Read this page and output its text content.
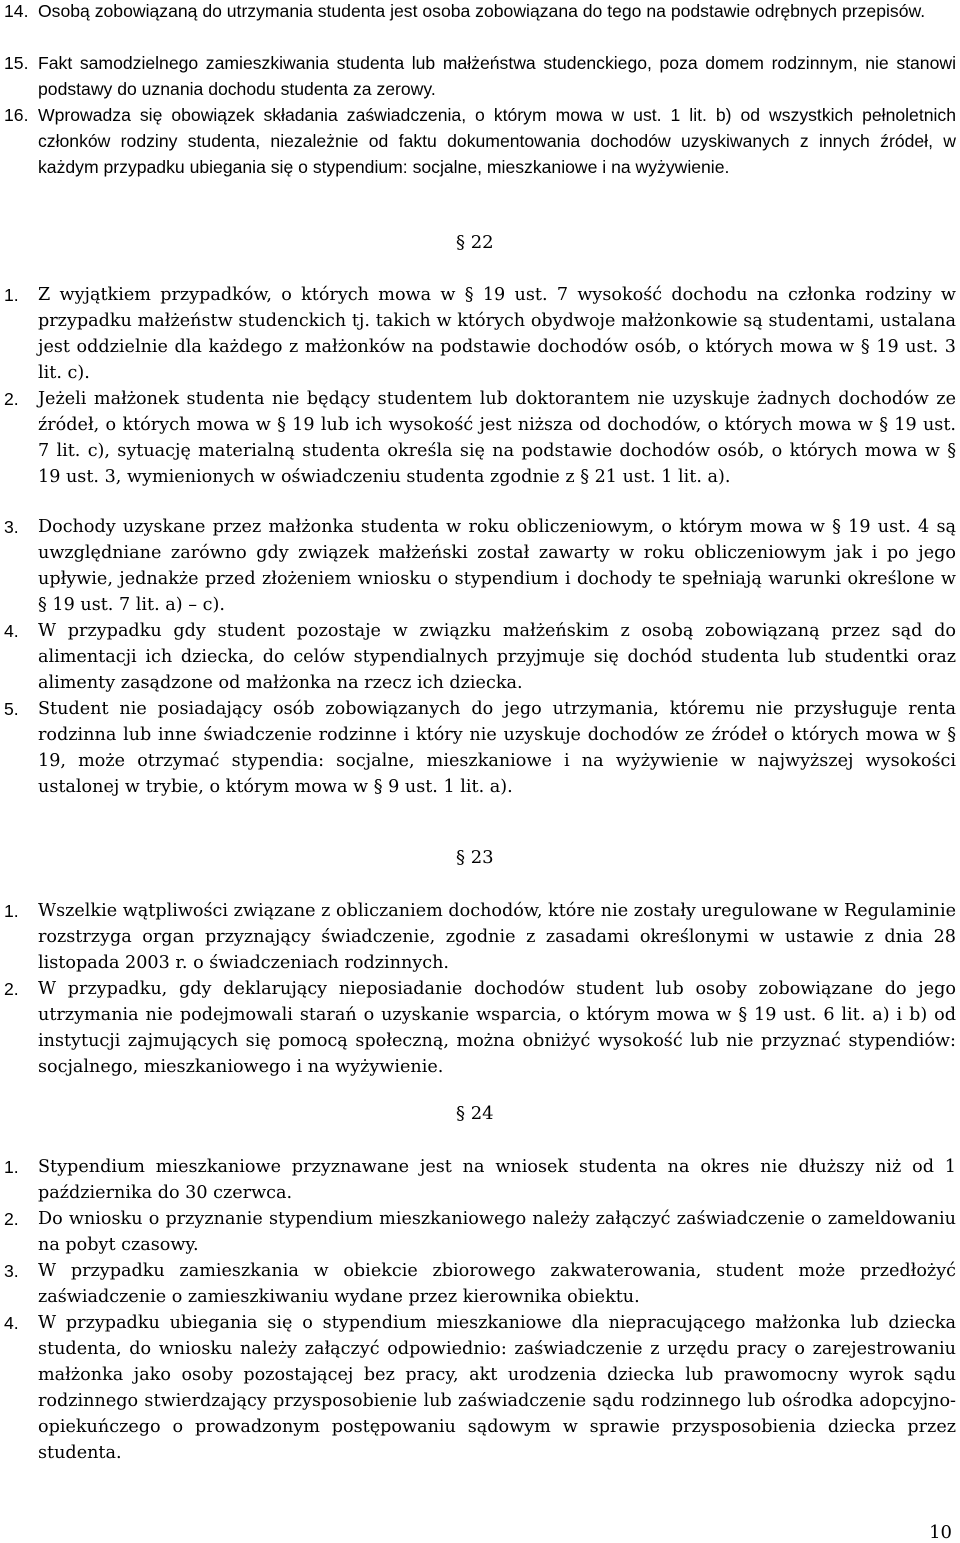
14. Osobą zobowiązaną do utrzymania studenta jest osoba zobowiązana do tego na podstawie odrębnych przepisów.
15. Fakt samodzielnego zamieszkiwania studenta lub małżeństwa studenckiego, poza domem rodzinnym, nie stanowi podstawy do uznania dochodu studenta za zerowy.
16. Wprowadza się obowiązek składania zaświadczenia, o którym mowa w ust. 1 lit. b) od wszystkich pełnoletnich członków rodziny studenta, niezależnie od faktu dokumentowania dochodów uzyskiwanych z innych źródeł, w każdym przypadku ubiegania się o stypendium: socjalne, mieszkaniowe i na wyżywienie.
§ 22
1.	Z wyjątkiem przypadków, o których mowa w § 19 ust. 7 wysokość dochodu na członka rodziny w przypadku małżeństw studenckich tj. takich w których obydwoje małżonkowie są studentami, ustalana jest oddzielnie dla każdego z małżonków na podstawie dochodów osób, o których mowa w § 19 ust. 3 lit. c).
2.	Jeżeli małżonek studenta nie będący studentem lub doktorantem nie uzyskuje żadnych dochodów ze źródeł, o których mowa w § 19 lub ich wysokość jest niższa od dochodów, o których mowa w § 19 ust. 7 lit. c), sytuację materialną studenta określa się na podstawie dochodów osób, o których mowa w § 19 ust. 3, wymienionych w oświadczeniu studenta zgodnie z § 21 ust. 1 lit. a).
3.	Dochody uzyskane przez małżonka studenta w roku obliczeniowym, o którym mowa w § 19 ust. 4 są uwzględniane zarówno gdy związek małżeński został zawarty w roku obliczeniowym jak i po jego upływie, jednakże przed złożeniem wniosku o stypendium i dochody te spełniają warunki określone w § 19 ust. 7 lit. a) – c).
4.	W przypadku gdy student pozostaje w związku małżeńskim z osobą zobowiązaną przez sąd do alimentacji ich dziecka, do celów stypendialnych przyjmuje się dochód studenta lub studentki oraz alimenty zasądzone od małżonka na rzecz ich dziecka.
5.	Student nie posiadający osób zobowiązanych do jego utrzymania, któremu nie przysługuje renta rodzinna lub inne świadczenie rodzinne i który nie uzyskuje dochodów ze źródeł o których mowa w § 19, może otrzymać stypendia: socjalne, mieszkaniowe i na wyżywienie w najwyższej wysokości ustalonej w trybie, o którym mowa w § 9 ust. 1 lit. a).
§ 23
1.	Wszelkie wątpliwości związane z obliczaniem dochodów, które nie zostały uregulowane w Regulaminie rozstrzyga organ przyznający świadczenie, zgodnie z zasadami określonymi w ustawie z dnia 28 listopada 2003 r. o świadczeniach rodzinnych.
2.	W przypadku, gdy deklarujący nieposiadanie dochodów student lub osoby zobowiązane do jego utrzymania nie podejmowali starań o uzyskanie wsparcia, o którym mowa w § 19 ust. 6 lit. a) i b) od instytucji zajmujących się pomocą społeczną, można obniżyć wysokość lub nie przyznać stypendiów: socjalnego, mieszkaniowego i na wyżywienie.
§ 24
1.	Stypendium mieszkaniowe przyznawane jest na wniosek studenta na okres nie dłuższy niż od 1 października do 30 czerwca.
2.	Do wniosku o przyznanie stypendium mieszkaniowego należy załączyć zaświadczenie o zameldowaniu na pobyt czasowy.
3.	W przypadku zamieszkania w obiekcie zbiorowego zakwaterowania, student może przedłożyć zaświadczenie o zamieszkiwaniu wydane przez kierownika obiektu.
4.	W przypadku ubiegania się o stypendium mieszkaniowe dla niepracującego małżonka lub dziecka studenta, do wniosku należy załączyć odpowiednio: zaświadczenie z urzędu pracy o zarejestrowaniu małżonka jako osoby pozostającej bez pracy, akt urodzenia dziecka lub prawomocny wyrok sądu rodzinnego stwierdzający przysposobienie lub zaświadczenie sądu rodzinnego lub ośrodka adopcyjno-opiekuńczego o prowadzonym postępowaniu sądowym w sprawie przysposobienia dziecka przez studenta.
10
